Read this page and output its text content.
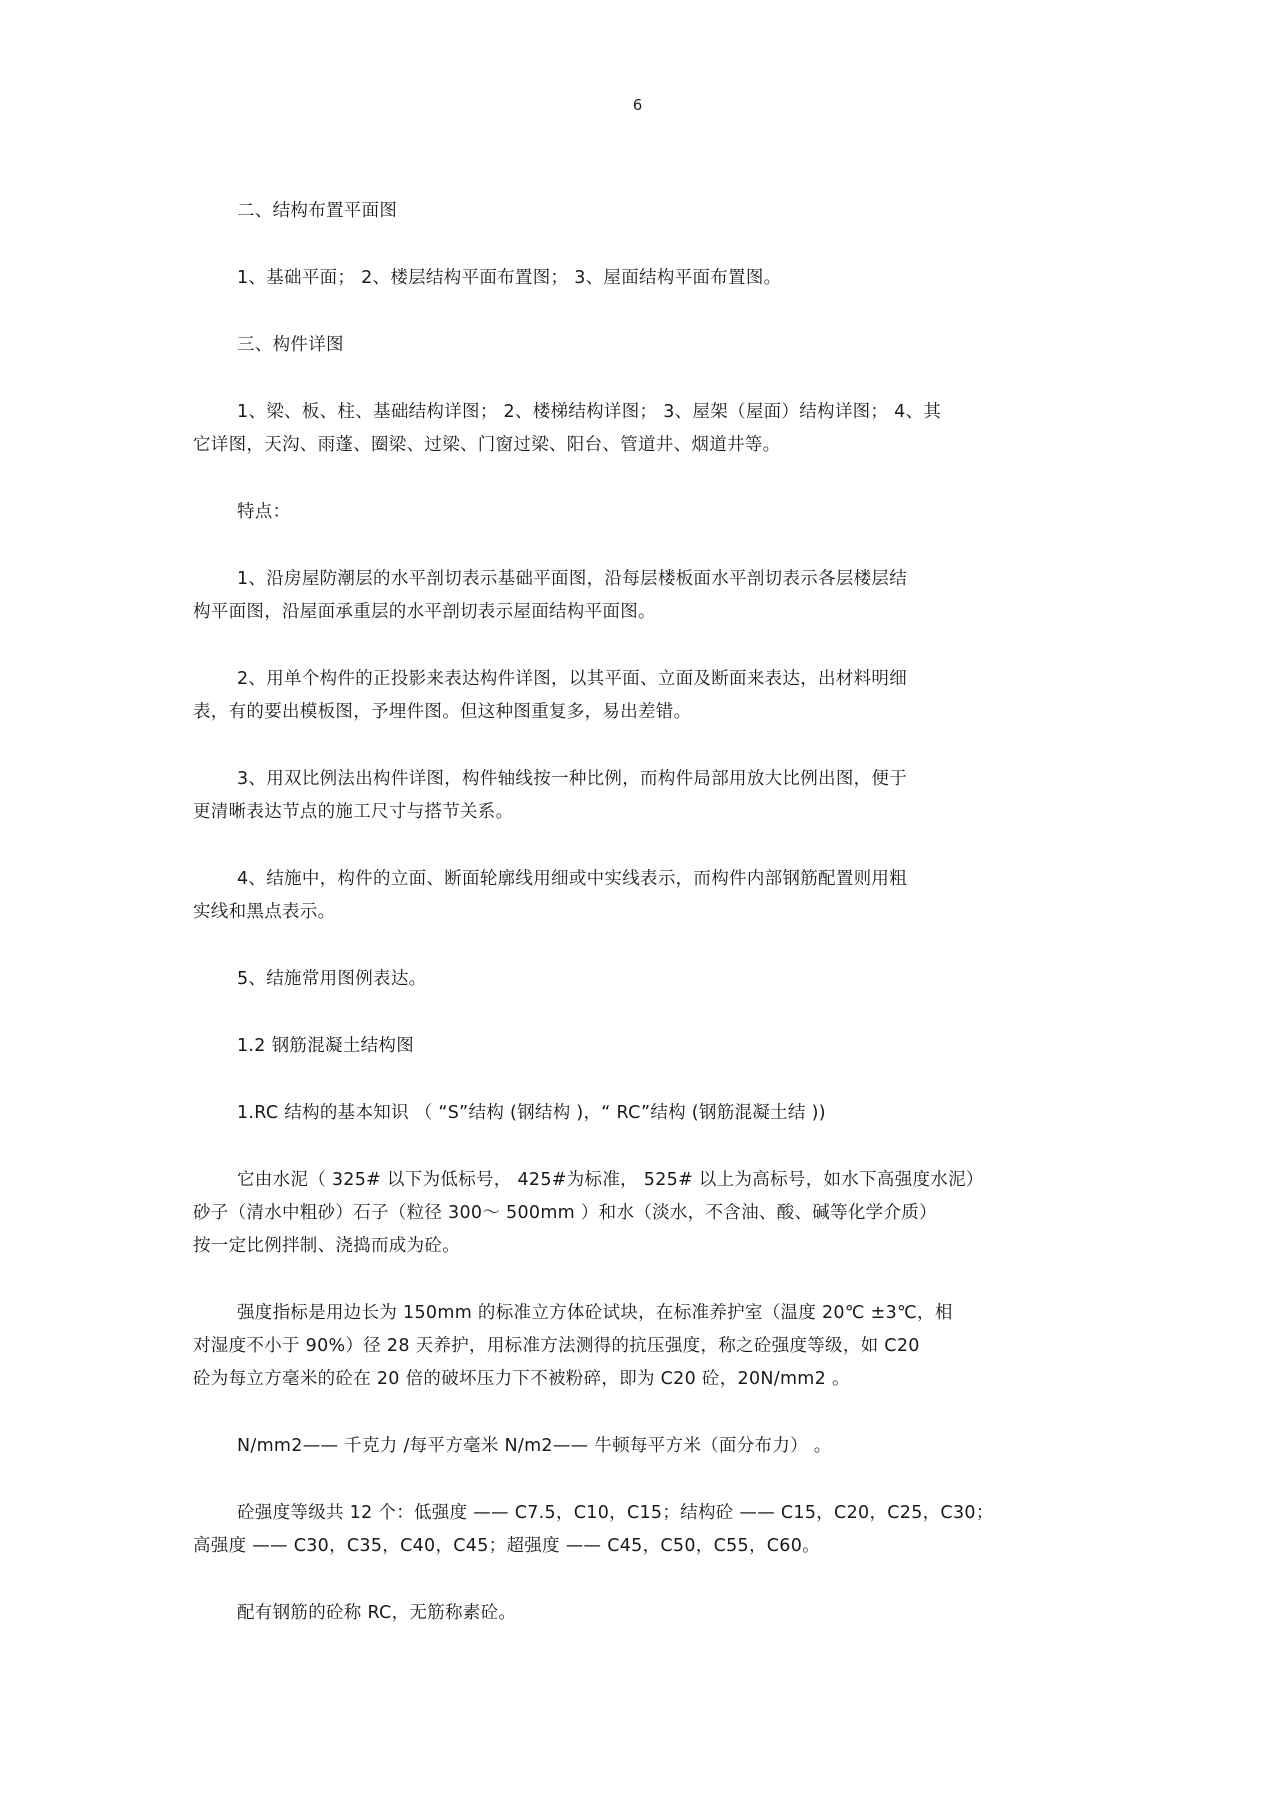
6

二、结构布置平面图

1、基础平面； 2、楼层结构平面布置图； 3、屋面结构平面布置图。

三、构件详图

1、梁、板、柱、基础结构详图； 2、楼梯结构详图； 3、屋架（屋面）结构详图； 4、其
它详图，天沟、雨蓬、圈梁、过梁、门窗过梁、阳台、管道井、烟道井等。

特点：

1、沿房屋防潮层的水平剖切表示基础平面图，沿每层楼板面水平剖切表示各层楼层结
构平面图，沿屋面承重层的水平剖切表示屋面结构平面图。

2、用单个构件的正投影来表达构件详图，以其平面、立面及断面来表达，出材料明细
表，有的要出模板图，予埋件图。但这种图重复多，易出差错。

3、用双比例法出构件详图，构件轴线按一种比例，而构件局部用放大比例出图，便于
更清晰表达节点的施工尺寸与搭节关系。

4、结施中，构件的立面、断面轮廓线用细或中实线表示，而构件内部钢筋配置则用粗
实线和黑点表示。

5、结施常用图例表达。

1.2 钢筋混凝土结构图

1.RC 结构的基本知识 （ “S”结构 (钢结构 )，“ RC”结构 (钢筋混凝土结 ))

它由水泥（ 325# 以下为低标号， 425#为标准， 525# 以上为高标号，如水下高强度水泥）
砂子（清水中粗砂）石子（粒径 300～ 500mm ）和水（淡水，不含油、酸、碱等化学介质）
按一定比例拌制、浇捣而成为砼。

强度指标是用边长为 150mm 的标准立方体砼试块，在标准养护室（温度 20℃ ±3℃，相
对湿度不小于 90%）径 28 天养护，用标准方法测得的抗压强度，称之砼强度等级，如 C20
砼为每立方毫米的砼在 20 倍的破坏压力下不被粉碎，即为 C20 砼，20N/mm2 。

N/mm2—— 千克力 /每平方毫米 N/m2—— 牛顿每平方米（面分布力） 。

砼强度等级共 12 个：低强度 —— C7.5，C10，C15；结构砼 —— C15，C20，C25，C30；
高强度 —— C30，C35，C40，C45；超强度 —— C45，C50，C55，C60。

配有钢筋的砼称 RC，无筋称素砼。
